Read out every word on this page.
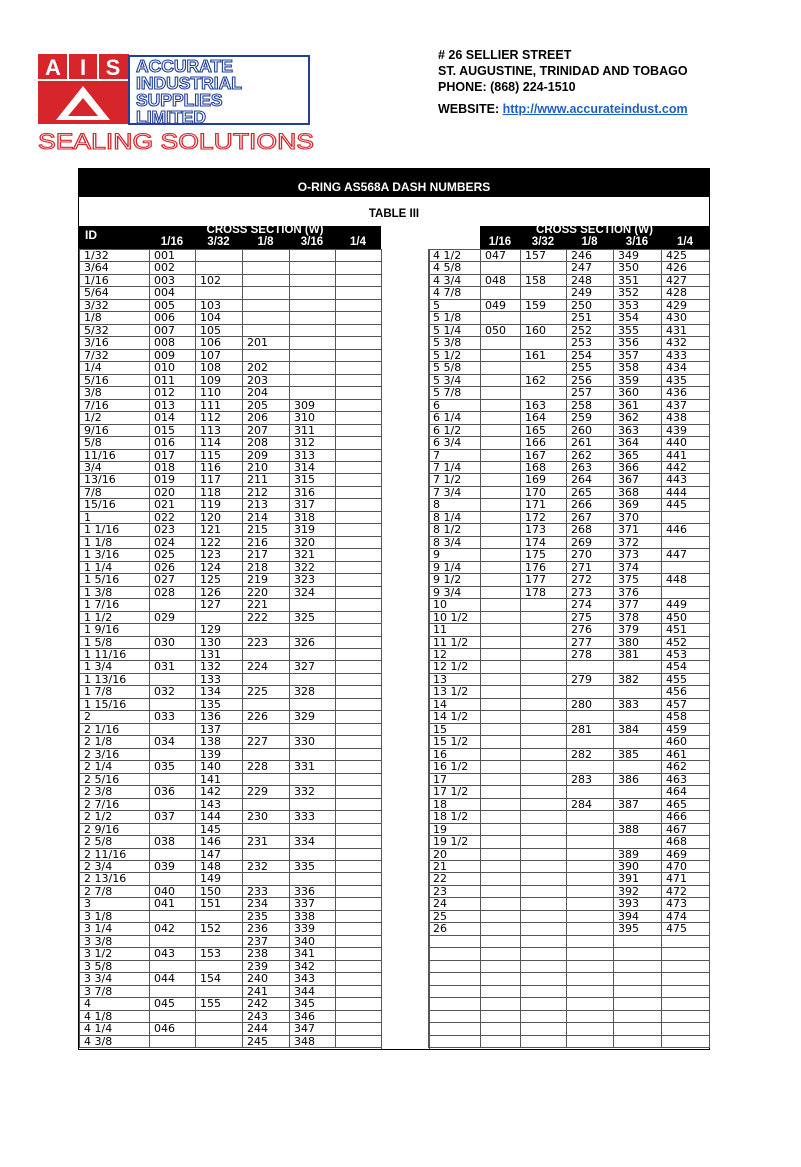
A I S ACCURATE
INDUSTRIAL
SUPPLIES
LIMITED
SEALING SOLUTIONS
# 26 SELLIER STREET
ST. AUGUSTINE, TRINIDAD AND TOBAGO
PHONE: (868) 224-1510
WEBSITE: http://www.accurateindust.com
O-RING AS568A DASH NUMBERS
TABLE III
ID	CROSS SECTION (W)
1/16	3/32	1/8	3/16	1/4
CROSS SECTION (W)
1/16	3/32	1/8	3/16	1/4
1/32	001				
3/64	002				
1/16	003	102			
5/64	004				
3/32	005	103			
1/8	006	104			
5/32	007	105			
3/16	008	106	201		
7/32	009	107			
1/4	010	108	202		
5/16	011	109	203		
3/8	012	110	204		
7/16	013	111	205	309	
1/2	014	112	206	310	
9/16	015	113	207	311	
5/8	016	114	208	312	
11/16	017	115	209	313	
3/4	018	116	210	314	
13/16	019	117	211	315	
7/8	020	118	212	316	
15/16	021	119	213	317	
1	022	120	214	318	
1 1/16	023	121	215	319	
1 1/8	024	122	216	320	
1 3/16	025	123	217	321	
1 1/4	026	124	218	322	
1 5/16	027	125	219	323	
1 3/8	028	126	220	324	
1 7/16		127	221		
1 1/2	029		222	325	
1 9/16		129			
1 5/8	030	130	223	326	
1 11/16		131			
1 3/4	031	132	224	327	
1 13/16		133			
1 7/8	032	134	225	328	
1 15/16		135			
2	033	136	226	329	
2 1/16		137			
2 1/8	034	138	227	330	
2 3/16		139			
2 1/4	035	140	228	331	
2 5/16		141			
2 3/8	036	142	229	332	
2 7/16		143			
2 1/2	037	144	230	333	
2 9/16		145			
2 5/8	038	146	231	334	
2 11/16		147			
2 3/4	039	148	232	335	
2 13/16		149			
2 7/8	040	150	233	336	
3	041	151	234	337	
3 1/8			235	338	
3 1/4	042	152	236	339	
3 3/8			237	340	
3 1/2	043	153	238	341	
3 5/8			239	342	
3 3/4	044	154	240	343	
3 7/8			241	344	
4	045	155	242	345	
4 1/8			243	346	
4 1/4	046		244	347	
4 3/8			245	348	
4 1/2	047	157	246	349	425
4 5/8			247	350	426
4 3/4	048	158	248	351	427
4 7/8			249	352	428
5	049	159	250	353	429
5 1/8			251	354	430
5 1/4	050	160	252	355	431
5 3/8			253	356	432
5 1/2		161	254	357	433
5 5/8			255	358	434
5 3/4		162	256	359	435
5 7/8			257	360	436
6		163	258	361	437
6 1/4		164	259	362	438
6 1/2		165	260	363	439
6 3/4		166	261	364	440
7		167	262	365	441
7 1/4		168	263	366	442
7 1/2		169	264	367	443
7 3/4		170	265	368	444
8		171	266	369	445
8 1/4		172	267	370	
8 1/2		173	268	371	446
8 3/4		174	269	372	
9		175	270	373	447
9 1/4		176	271	374	
9 1/2		177	272	375	448
9 3/4		178	273	376	
10			274	377	449
10 1/2			275	378	450
11			276	379	451
11 1/2			277	380	452
12			278	381	453
12 1/2					454
13			279	382	455
13 1/2					456
14			280	383	457
14 1/2					458
15			281	384	459
15 1/2					460
16			282	385	461
16 1/2					462
17			283	386	463
17 1/2					464
18			284	387	465
18 1/2					466
19				388	467
19 1/2					468
20				389	469
21				390	470
22				391	471
23				392	472
24				393	473
25				394	474
26				395	475
